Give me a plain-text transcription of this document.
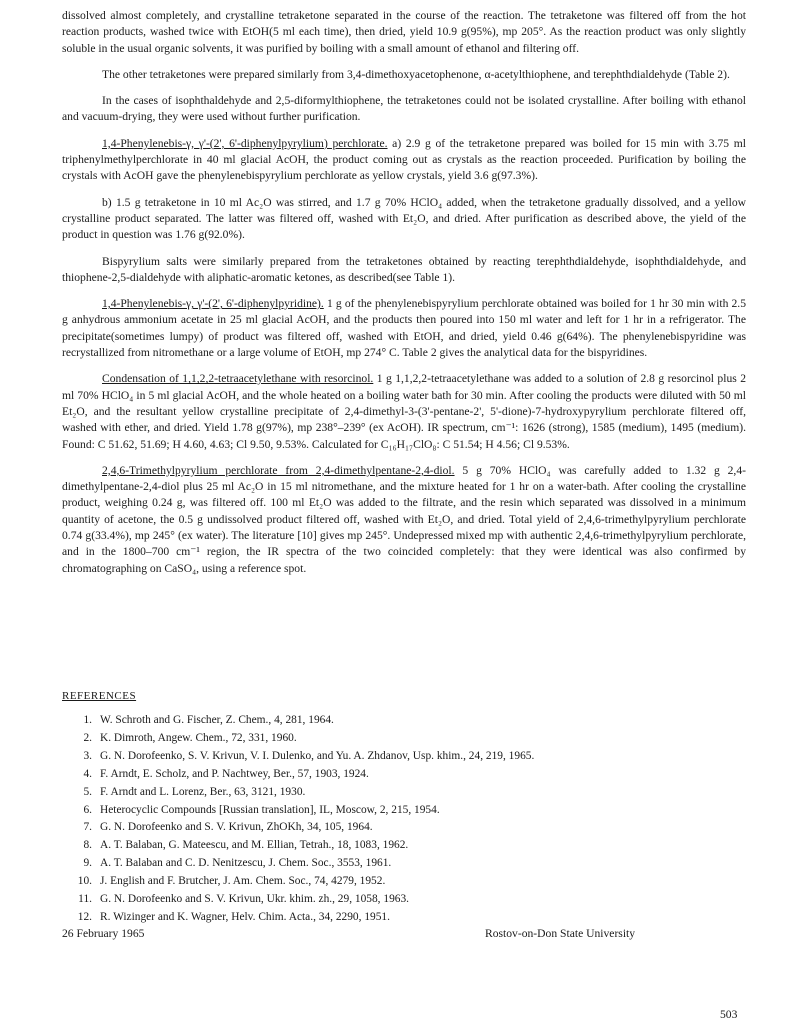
dissolved almost completely, and crystalline tetraketone separated in the course of the reaction. The tetraketone was filtered off from the hot reaction products, washed twice with EtOH(5 ml each time), then dried, yield 10.9 g(95%), mp 205°. As the reaction product was only slightly soluble in the usual organic solvents, it was purified by boiling with a small amount of ethanol and filtering off.

The other tetraketones were prepared similarly from 3,4-dimethoxyacetophenone, α-acetylthiophene, and terephthdialdehyde (Table 2).

In the cases of isophthaldehyde and 2,5-diformylthiophene, the tetraketones could not be isolated crystalline. After boiling with ethanol and vacuum-drying, they were used without further purification.

1,4-Phenylenebis-γ, γ'-(2', 6'-diphenylpyrylium) perchlorate. a) 2.9 g of the tetraketone prepared was boiled for 15 min with 3.75 ml triphenylmethylperchlorate in 40 ml glacial AcOH, the product coming out as crystals as the reaction proceeded. Purification by boiling the crystals with AcOH gave the phenylenebispyrylium perchlorate as yellow crystals, yield 3.6 g(97.3%).

b) 1.5 g tetraketone in 10 ml Ac₂O was stirred, and 1.7 g 70% HClO₄ added, when the tetraketone gradually dissolved, and a yellow crystalline product separated. The latter was filtered off, washed with Et₂O, and dried. After purification as described above, the yield of the product in question was 1.76 g(92.0%).

Bispyrylium salts were similarly prepared from the tetraketones obtained by reacting terephthdialdehyde, isophthdialdehyde, and thiophene-2,5-dialdehyde with aliphatic-aromatic ketones, as described(see Table 1).

1,4-Phenylenebis-γ, γ'-(2', 6'-diphenylpyridine). 1 g of the phenylenebispyrylium perchlorate obtained was boiled for 1 hr 30 min with 2.5 g anhydrous ammonium acetate in 25 ml glacial AcOH, and the products then poured into 150 ml water and left for 1 hr in a refrigerator. The precipitate(sometimes lumpy) of product was filtered off, washed with EtOH, and dried, yield 0.46 g(64%). The phenylenebispyridine was recrystallized from nitromethane or a large volume of EtOH, mp 274° C. Table 2 gives the analytical data for the bispyridines.

Condensation of 1,1,2,2-tetraacetylethane with resorcinol. 1 g 1,1,2,2-tetraacetylethane was added to a solution of 2.8 g resorcinol plus 2 ml 70% HClO₄ in 5 ml glacial AcOH, and the whole heated on a boiling water bath for 30 min. After cooling the products were diluted with 50 ml Et₂O, and the resultant yellow crystalline precipitate of 2,4-dimethyl-3-(3'-pentane-2', 5'-dione)-7-hydroxypyrylium perchlorate filtered off, washed with ether, and dried. Yield 1.78 g(97%), mp 238°–239° (ex AcOH). IR spectrum, cm⁻¹: 1626 (strong), 1585 (medium), 1495 (medium). Found: C 51.62, 51.69; H 4.60, 4.63; Cl 9.50, 9.53%. Calculated for C₁₆H₁₇ClO₈: C 51.54; H 4.56; Cl 9.53%.

2,4,6-Trimethylpyrylium perchlorate from 2,4-dimethylpentane-2,4-diol. 5 g 70% HClO₄ was carefully added to 1.32 g 2,4-dimethylpentane-2,4-diol plus 25 ml Ac₂O in 15 ml nitromethane, and the mixture heated for 1 hr on a water-bath. After cooling the crystalline product, weighing 0.24 g, was filtered off. 100 ml Et₂O was added to the filtrate, and the resin which separated was dissolved in a minimum quantity of acetone, the 0.5 g undissolved product filtered off, washed with Et₂O, and dried. Total yield of 2,4,6-trimethylpyrylium perchlorate 0.74 g(33.4%), mp 245° (ex water). The literature [10] gives mp 245°. Undepressed mixed mp with authentic 2,4,6-trimethylpyrylium perchlorate, and in the 1800–700 cm⁻¹ region, the IR spectra of the two coincided completely: that they were identical was also confirmed by chromatographing on CaSO₄, using a reference spot.

REFERENCES
1. W. Schroth and G. Fischer, Z. Chem., 4, 281, 1964.
2. K. Dimroth, Angew. Chem., 72, 331, 1960.
3. G. N. Dorofeenko, S. V. Krivun, V. I. Dulenko, and Yu. A. Zhdanov, Usp. khim., 24, 219, 1965.
4. F. Arndt, E. Scholz, and P. Nachtwey, Ber., 57, 1903, 1924.
5. F. Arndt and L. Lorenz, Ber., 63, 3121, 1930.
6. Heterocyclic Compounds [Russian translation], IL, Moscow, 2, 215, 1954.
7. G. N. Dorofeenko and S. V. Krivun, ZhOKh, 34, 105, 1964.
8. A. T. Balaban, G. Mateescu, and M. Ellian, Tetrah., 18, 1083, 1962.
9. A. T. Balaban and C. D. Nenitzescu, J. Chem. Soc., 3553, 1961.
10. J. English and F. Brutcher, J. Am. Chem. Soc., 74, 4279, 1952.
11. G. N. Dorofeenko and S. V. Krivun, Ukr. khim. zh., 29, 1058, 1963.
12. R. Wizinger and K. Wagner, Helv. Chim. Acta., 34, 2290, 1951.
26 February 1965	Rostov-on-Don State University
503
